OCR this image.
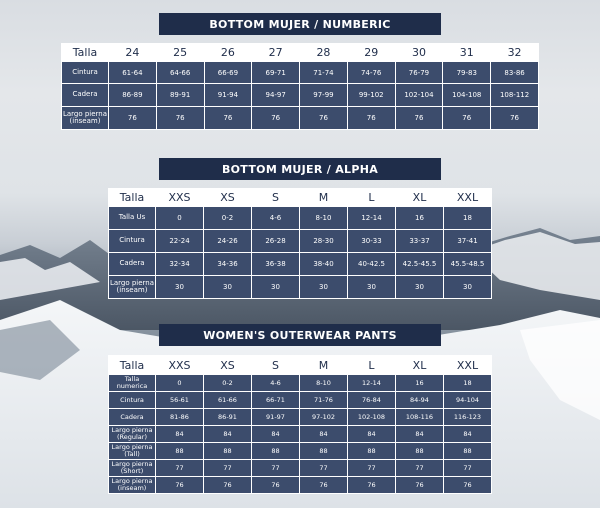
BOTTOM MUJER / NUMBERIC
Talla	24	25	26	27	28	29	30	31	32
Cintura	61-64	64-66	66-69	69-71	71-74	74-76	76-79	79-83	83-86
Cadera	86-89	89-91	91-94	94-97	97-99	99-102	102-104	104-108	108-112
Largo pierna (inseam)	76	76	76	76	76	76	76	76	76
BOTTOM MUJER / ALPHA
Talla	XXS	XS	S	M	L	XL	XXL
Talla Us	0	0-2	4-6	8-10	12-14	16	18
Cintura	22-24	24-26	26-28	28-30	30-33	33-37	37-41
Cadera	32-34	34-36	36-38	38-40	40-42.5	42.5-45.5	45.5-48.5
Largo pierna (inseam)	30	30	30	30	30	30	30
WOMEN'S OUTERWEAR PANTS
Talla	XXS	XS	S	M	L	XL	XXL
Talla numerica	0	0-2	4-6	8-10	12-14	16	18
Cintura	56-61	61-66	66-71	71-76	76-84	84-94	94-104
Cadera	81-86	86-91	91-97	97-102	102-108	108-116	116-123
Largo pierna (Regular)	84	84	84	84	84	84	84
Largo pierna (Tall)	88	88	88	88	88	88	88
Largo pierna (Short)	77	77	77	77	77	77	77
Largo pierna (inseam)	76	76	76	76	76	76	76
